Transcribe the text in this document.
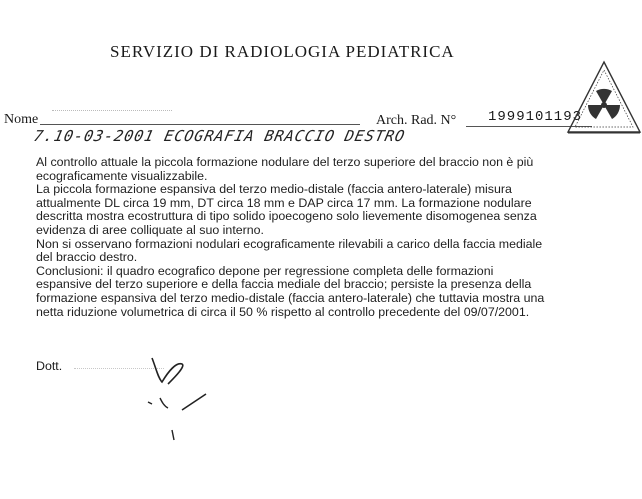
SERVIZIO DI RADIOLOGIA PEDIATRICA
Nome	Arch. Rad. N° 1999101193
7.10-03-2001 ECOGRAFIA BRACCIO DESTRO
Al controllo attuale la piccola formazione nodulare del terzo superiore del braccio non è più
ecograficamente visualizzabile.
La piccola formazione espansiva del terzo medio-distale (faccia antero-laterale) misura
attualmente DL circa 19 mm, DT circa 18 mm e DAP circa 17 mm. La formazione nodulare
descritta mostra ecostruttura di tipo solido ipoecogeno solo lievemente disomogenea senza
evidenza di aree colliquate al suo interno.
Non si osservano formazioni nodulari ecograficamente rilevabili a carico della faccia mediale
del braccio destro.
Conclusioni: il quadro ecografico depone per regressione completa delle formazioni
espansive del terzo superiore e della faccia mediale del braccio; persiste la presenza della
formazione espansiva del terzo medio-distale (faccia antero-laterale) che tuttavia mostra una
netta riduzione volumetrica di circa il 50 % rispetto al controllo precedente del 09/07/2001.
Dott.
